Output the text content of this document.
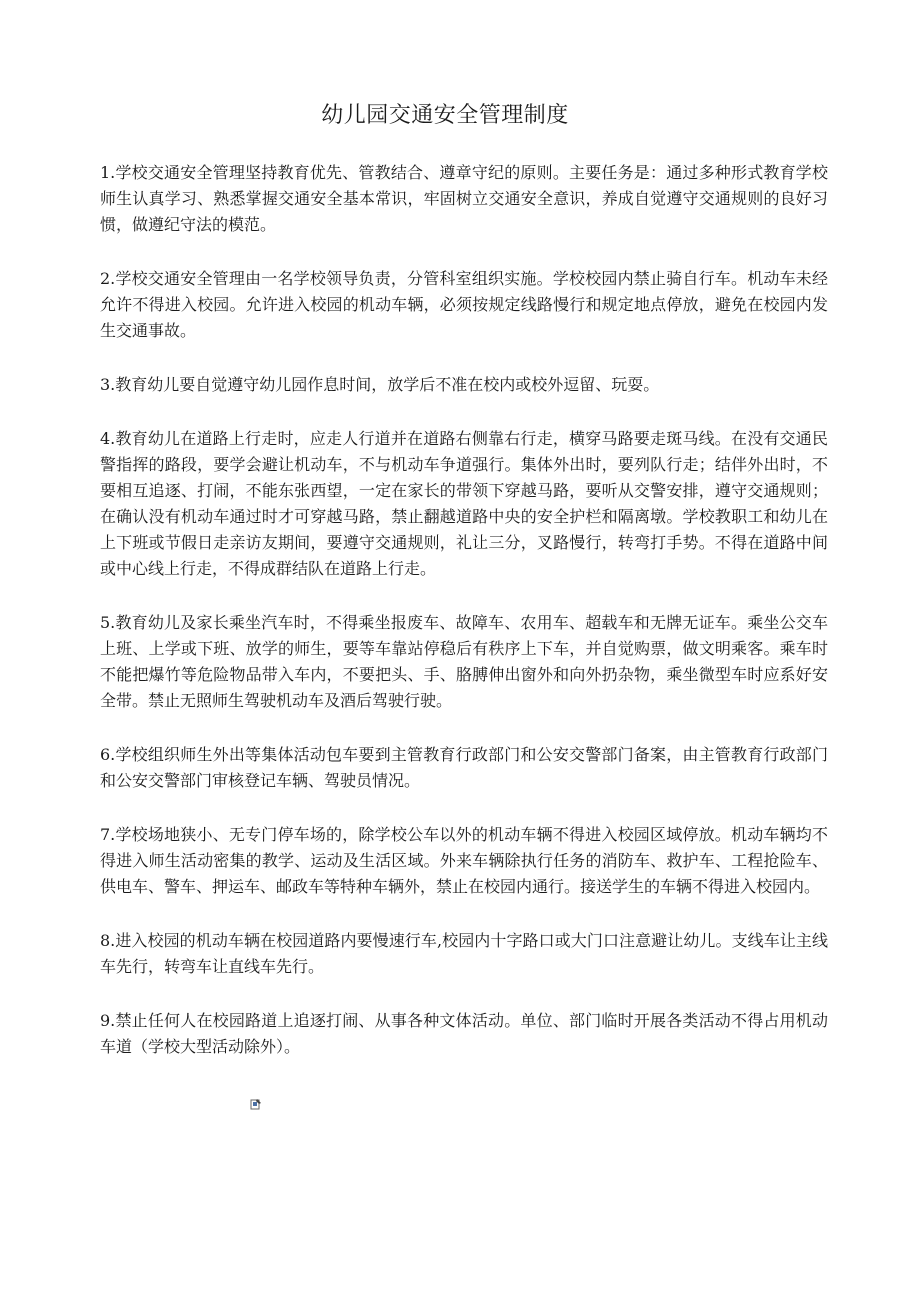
幼儿园交通安全管理制度

1.学校交通安全管理坚持教育优先、管教结合、遵章守纪的原则。主要任务是：通过多种形式教育学校师生认真学习、熟悉掌握交通安全基本常识，牢固树立交通安全意识，养成自觉遵守交通规则的良好习惯，做遵纪守法的模范。

2.学校交通安全管理由一名学校领导负责，分管科室组织实施。学校校园内禁止骑自行车。机动车未经允许不得进入校园。允许进入校园的机动车辆，必须按规定线路慢行和规定地点停放，避免在校园内发生交通事故。

3.教育幼儿要自觉遵守幼儿园作息时间，放学后不准在校内或校外逗留、玩耍。

4.教育幼儿在道路上行走时，应走人行道并在道路右侧靠右行走，横穿马路要走斑马线。在没有交通民警指挥的路段，要学会避让机动车，不与机动车争道强行。集体外出时，要列队行走；结伴外出时，不要相互追逐、打闹，不能东张西望，一定在家长的带领下穿越马路，要听从交警安排，遵守交通规则；在确认没有机动车通过时才可穿越马路，禁止翻越道路中央的安全护栏和隔离墩。学校教职工和幼儿在上下班或节假日走亲访友期间，要遵守交通规则，礼让三分，叉路慢行，转弯打手势。不得在道路中间或中心线上行走，不得成群结队在道路上行走。

5.教育幼儿及家长乘坐汽车时，不得乘坐报废车、故障车、农用车、超载车和无牌无证车。乘坐公交车上班、上学或下班、放学的师生，要等车靠站停稳后有秩序上下车，并自觉购票，做文明乘客。乘车时不能把爆竹等危险物品带入车内，不要把头、手、胳膊伸出窗外和向外扔杂物，乘坐微型车时应系好安全带。禁止无照师生驾驶机动车及酒后驾驶行驶。

6.学校组织师生外出等集体活动包车要到主管教育行政部门和公安交警部门备案，由主管教育行政部门和公安交警部门审核登记车辆、驾驶员情况。

7.学校场地狭小、无专门停车场的，除学校公车以外的机动车辆不得进入校园区域停放。机动车辆均不得进入师生活动密集的教学、运动及生活区域。外来车辆除执行任务的消防车、救护车、工程抢险车、供电车、警车、押运车、邮政车等特种车辆外，禁止在校园内通行。接送学生的车辆不得进入校园内。

8.进入校园的机动车辆在校园道路内要慢速行车,校园内十字路口或大门口注意避让幼儿。支线车让主线车先行，转弯车让直线车先行。

9.禁止任何人在校园路道上追逐打闹、从事各种文体活动。单位、部门临时开展各类活动不得占用机动车道（学校大型活动除外）。
